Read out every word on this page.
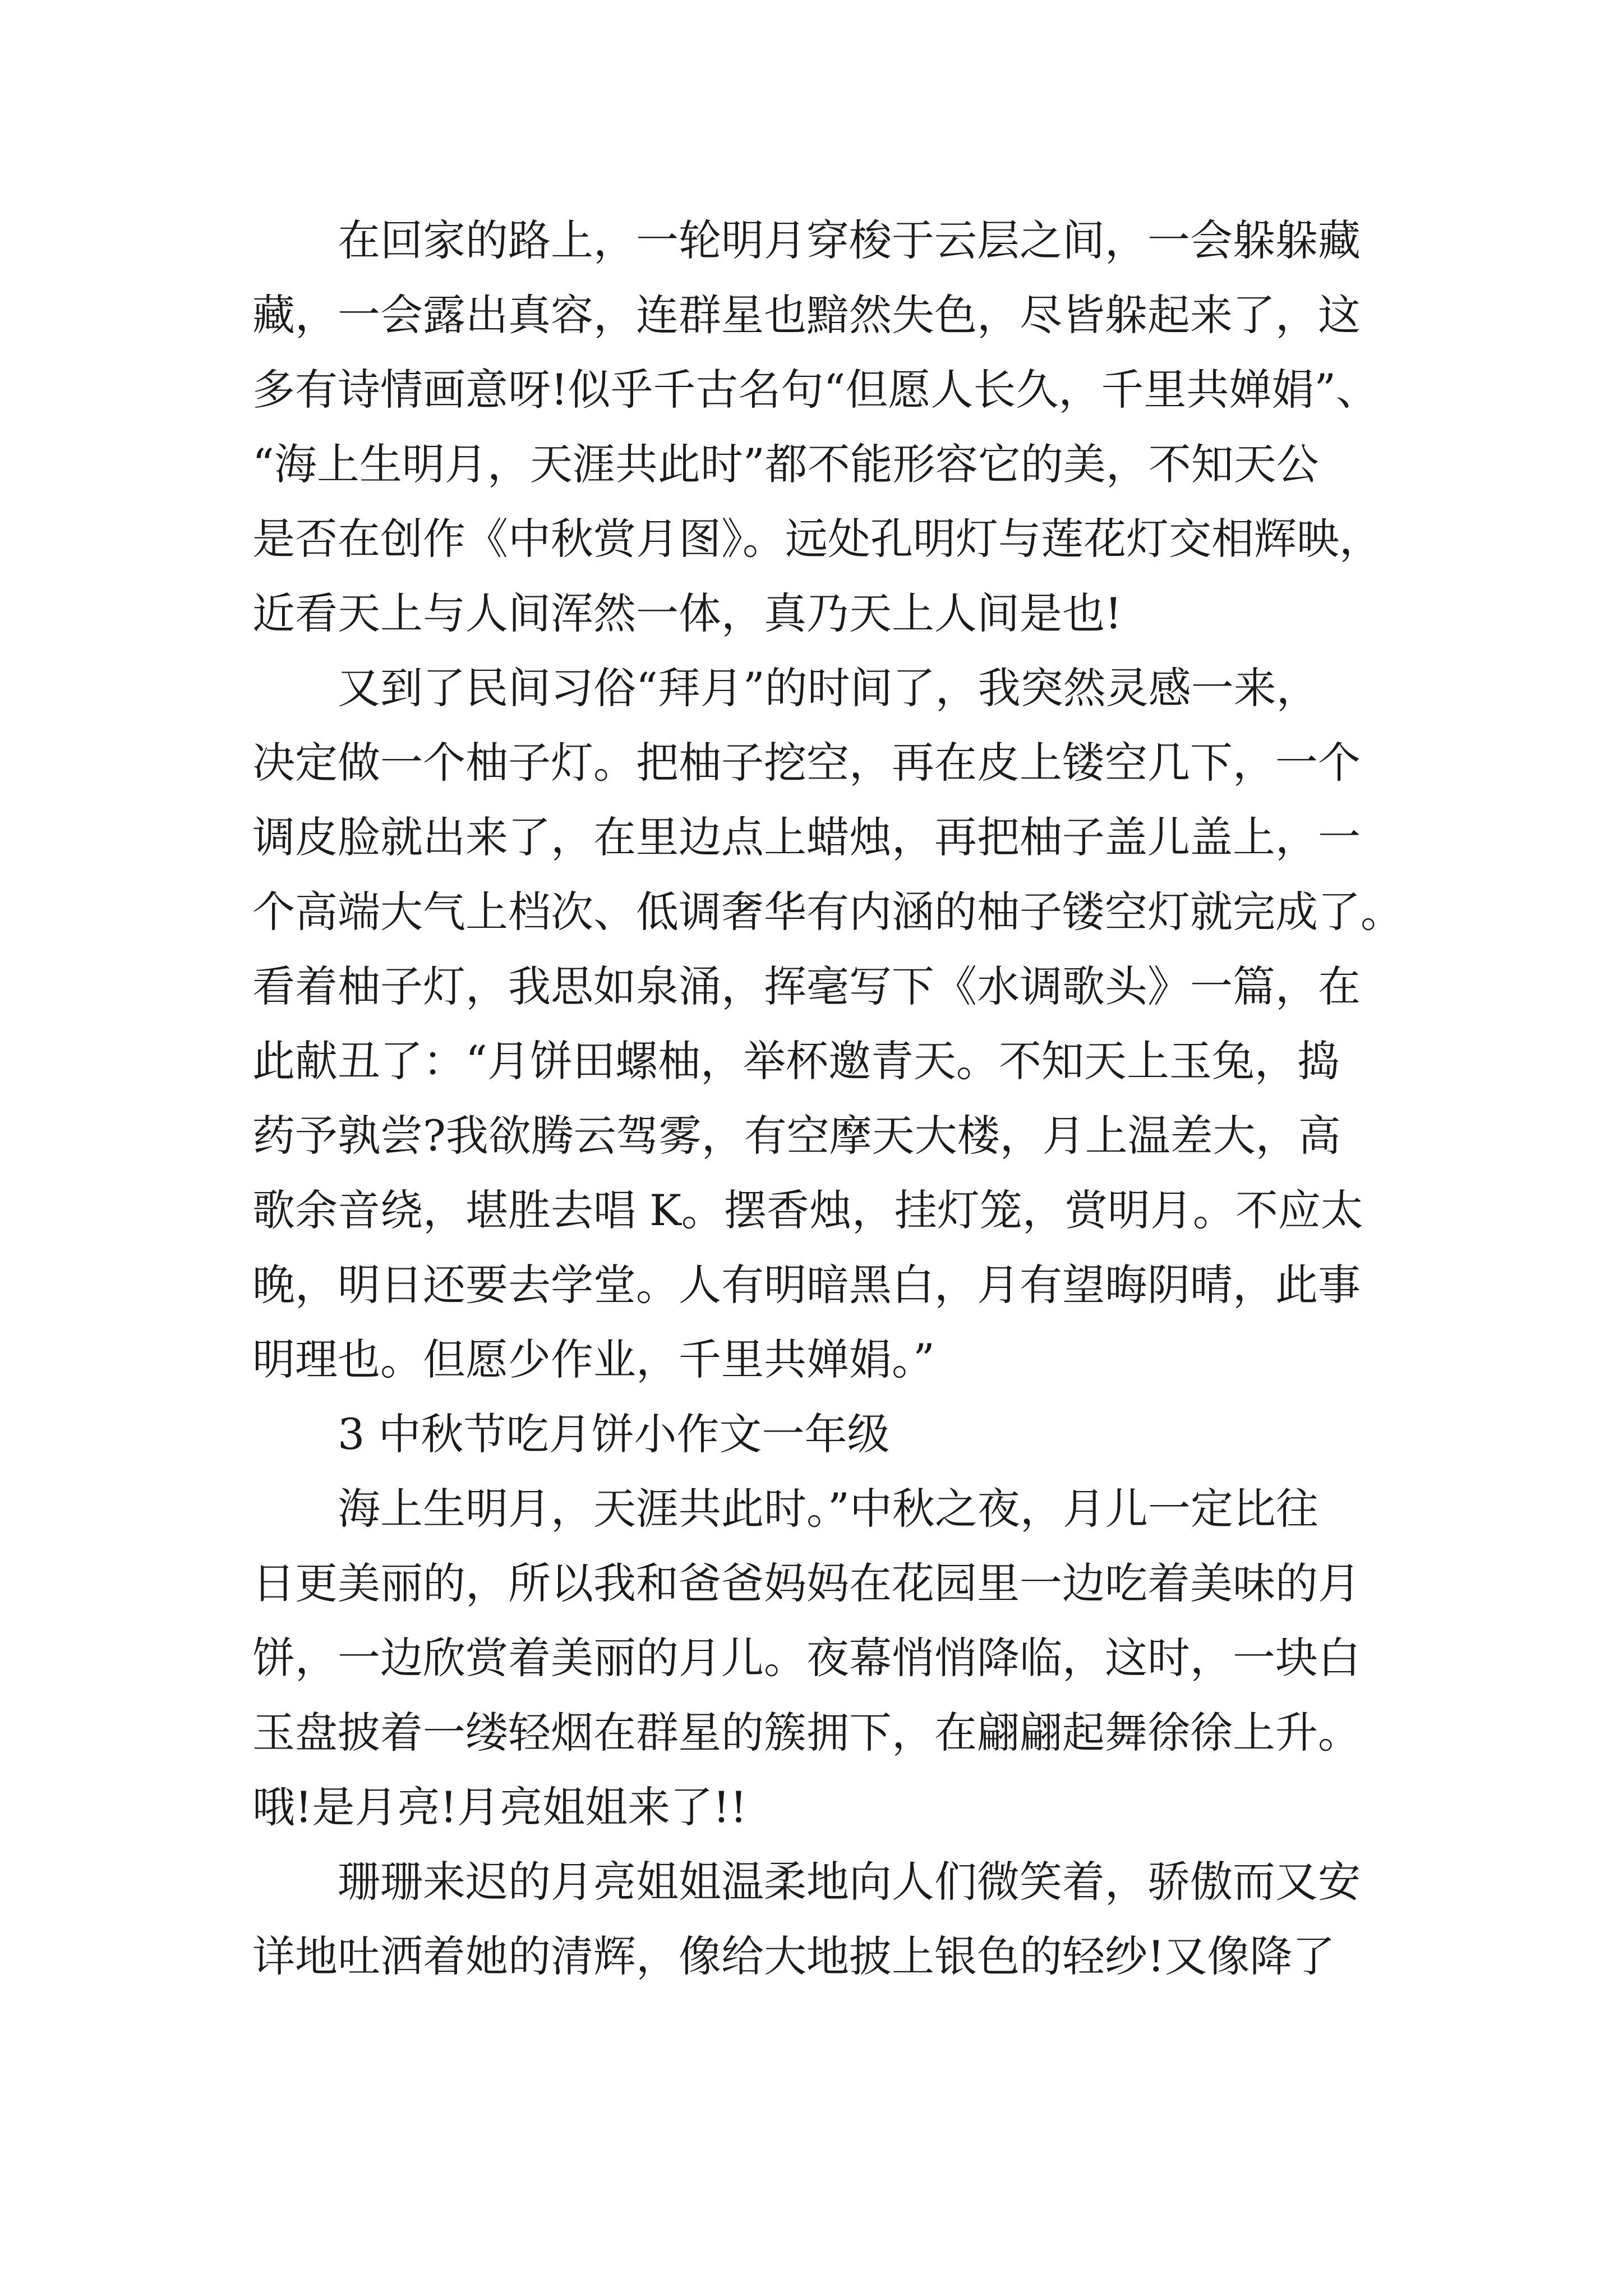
在回家的路上，一轮明月穿梭于云层之间，一会躲躲藏
藏，一会露出真容，连群星也黯然失色，尽皆躲起来了，这
多有诗情画意呀!似乎千古名句“但愿人长久，千里共婵娟”、
“海上生明月，天涯共此时”都不能形容它的美，不知天公
是否在创作《中秋赏月图》。远处孔明灯与莲花灯交相辉映，
近看天上与人间浑然一体，真乃天上人间是也!
又到了民间习俗“拜月”的时间了，我突然灵感一来，
决定做一个柚子灯。把柚子挖空，再在皮上镂空几下，一个
调皮脸就出来了，在里边点上蜡烛，再把柚子盖儿盖上，一
个高端大气上档次、低调奢华有内涵的柚子镂空灯就完成了。
看着柚子灯，我思如泉涌，挥毫写下《水调歌头》一篇，在
此献丑了：“月饼田螺柚，举杯邀青天。不知天上玉兔，捣
药予孰尝?我欲腾云驾雾，有空摩天大楼，月上温差大，高
歌余音绕，堪胜去唱 K。摆香烛，挂灯笼，赏明月。不应太
晚，明日还要去学堂。人有明暗黑白，月有望晦阴晴，此事
明理也。但愿少作业，千里共婵娟。”
3 中秋节吃月饼小作文一年级
海上生明月，天涯共此时。”中秋之夜，月儿一定比往
日更美丽的，所以我和爸爸妈妈在花园里一边吃着美味的月
饼，一边欣赏着美丽的月儿。夜幕悄悄降临，这时，一块白
玉盘披着一缕轻烟在群星的簇拥下，在翩翩起舞徐徐上升。
哦!是月亮!月亮姐姐来了!!
珊珊来迟的月亮姐姐温柔地向人们微笑着，骄傲而又安
详地吐洒着她的清辉，像给大地披上银色的轻纱!又像降了
